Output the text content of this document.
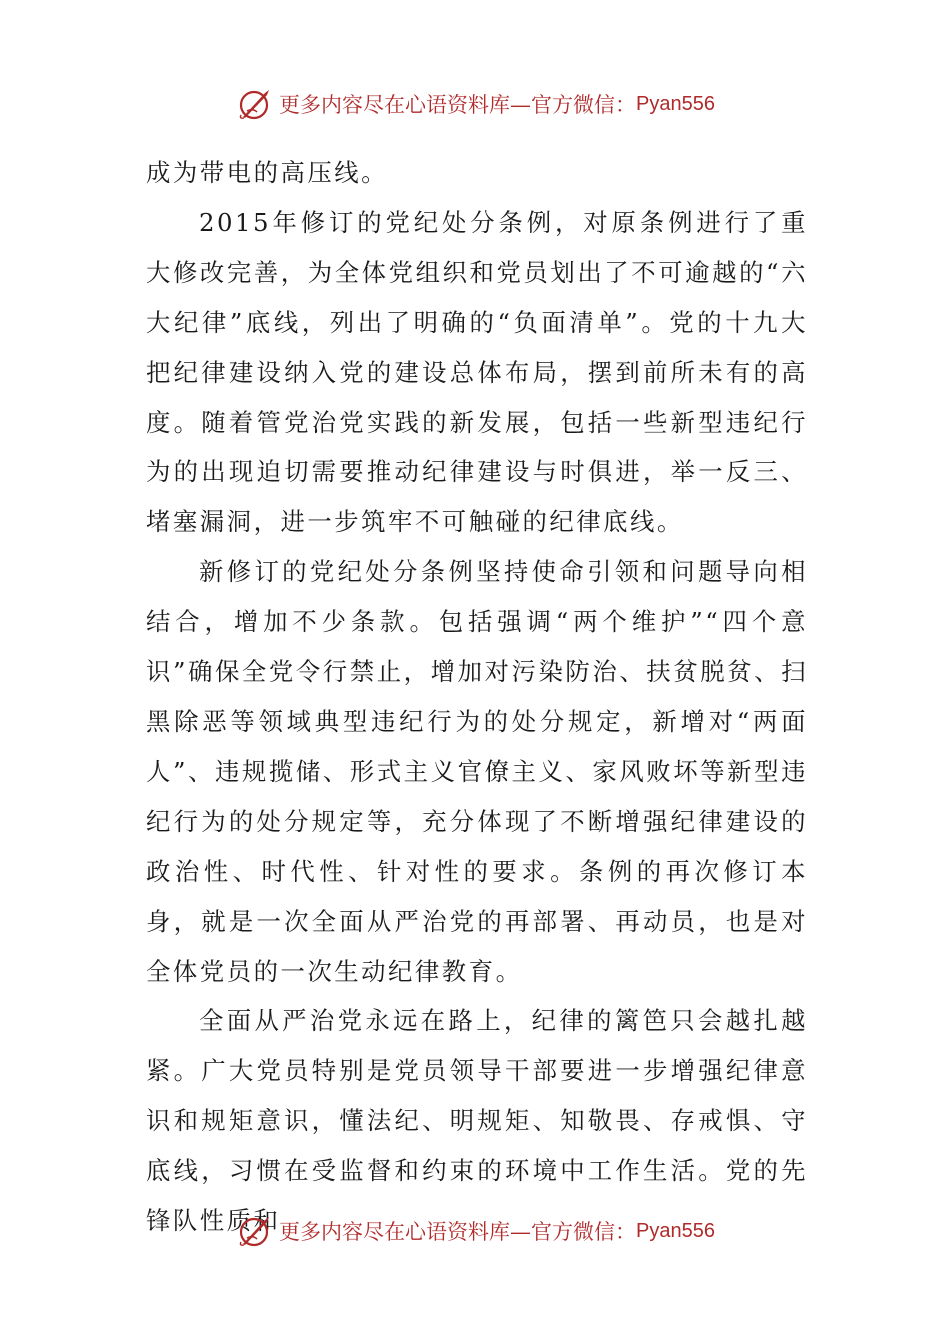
更多内容尽在心语资料库—官方微信： Pyan556

成为带电的高压线。

2015年修订的党纪处分条例，对原条例进行了重大修改完善，为全体党组织和党员划出了不可逾越的“六大纪律”底线，列出了明确的“负面清单”。党的十九大把纪律建设纳入党的建设总体布局，摆到前所未有的高度。随着管党治党实践的新发展，包括一些新型违纪行为的出现迫切需要推动纪律建设与时俱进，举一反三、堵塞漏洞，进一步筑牢不可触碰的纪律底线。

新修订的党纪处分条例坚持使命引领和问题导向相结合，增加不少条款。包括强调“两个维护”“四个意识”确保全党令行禁止，增加对污染防治、扶贫脱贫、扫黑除恶等领域典型违纪行为的处分规定，新增对“两面人”、违规揽储、形式主义官僚主义、家风败坏等新型违纪行为的处分规定等，充分体现了不断增强纪律建设的政治性、时代性、针对性的要求。条例的再次修订本身，就是一次全面从严治党的再部署、再动员，也是对全体党员的一次生动纪律教育。

全面从严治党永远在路上，纪律的篱笆只会越扎越紧。广大党员特别是党员领导干部要进一步增强纪律意识和规矩意识，懂法纪、明规矩、知敬畏、存戒惧、守底线，习惯在受监督和约束的环境中工作生活。党的先锋队性质和

更多内容尽在心语资料库—官方微信： Pyan556
